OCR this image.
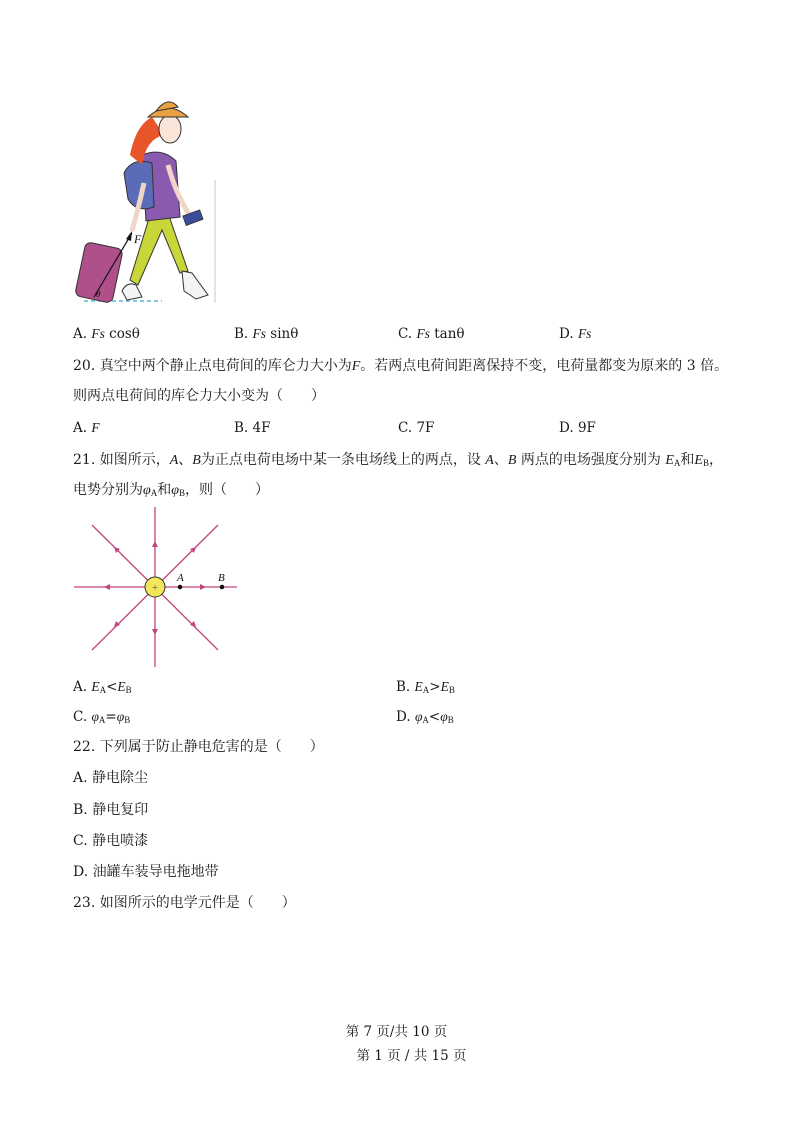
F
θ
A. Fs cosθ	B. Fs sinθ	C. Fs tanθ	D. Fs
20. 真空中两个静止点电荷间的库仑力大小为F。若两点电荷间距离保持不变，电荷量都变为原来的 3 倍。
则两点电荷间的库仑力大小变为（　　）
A. F	B. 4F	C. 7F	D. 9F
21. 如图所示，A、B为正点电荷电场中某一条电场线上的两点，设 A、B 两点的电场强度分别为 $E_A$和$E_B$，
电势分别为$\varphi_A$和$\varphi_B$，则（　　）
+
A	B
A. $E_A<E_B$	B. $E_A>E_B$
C. $\varphi_A=\varphi_B$	D. $\varphi_A<\varphi_B$
22. 下列属于防止静电危害的是（　　）
A. 静电除尘
B. 静电复印
C. 静电喷漆
D. 油罐车装导电拖地带
23. 如图所示的电学元件是（　　）
第 7 页/共 10 页
第 1 页 / 共 15 页
